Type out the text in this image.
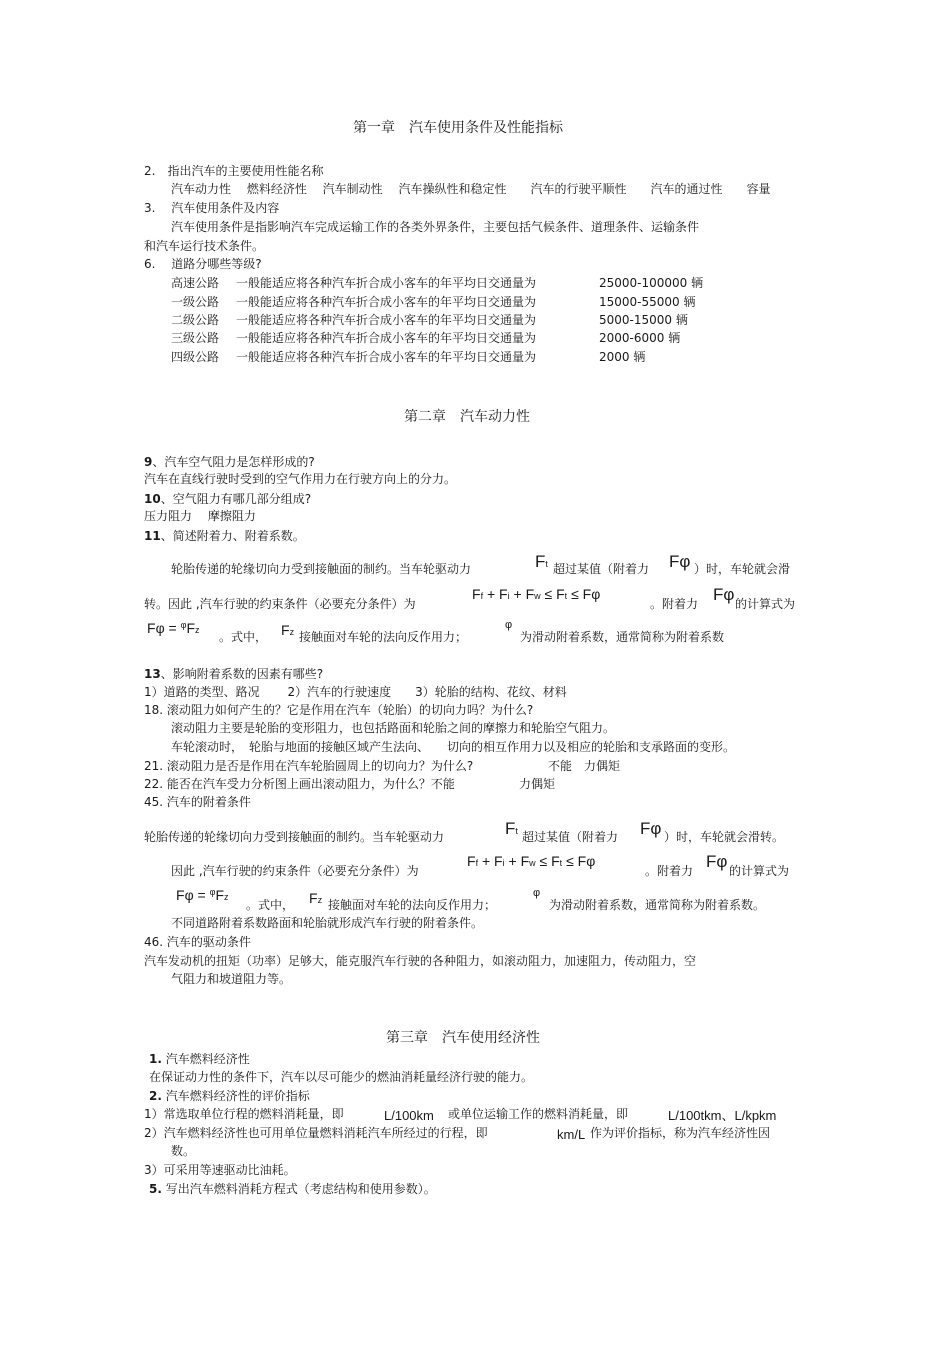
第一章　汽车使用条件及性能指标
2.　指出汽车的主要使用性能名称
汽车动力性　 燃料经济性　 汽车制动性　 汽车操纵性和稳定性　　汽车的行驶平顺性　　汽车的通过性　　容量
3.　 汽车使用条件及内容
汽车使用条件是指影响汽车完成运输工作的各类外界条件，主要包括气候条件、道理条件、运输条件
和汽车运行技术条件。
6.　 道路分哪些等级?
高速公路 一般能适应将各种汽车折合成小客车的年平均日交通量为	25000-100000 辆
一级公路 一般能适应将各种汽车折合成小客车的年平均日交通量为	15000-55000 辆
二级公路 一般能适应将各种汽车折合成小客车的年平均日交通量为	5000-15000 辆
三级公路 一般能适应将各种汽车折合成小客车的年平均日交通量为	2000-6000 辆
四级公路 一般能适应将各种汽车折合成小客车的年平均日交通量为	2000 辆
第二章　汽车动力性
9、汽车空气阻力是怎样形成的?
汽车在直线行驶时受到的空气作用力在行驶方向上的分力。
10、空气阻力有哪几部分组成?
压力阻力　 摩擦阻力
11、简述附着力、附着系数。
轮胎传递的轮缘切向力受到接触面的制约。当车轮驱动力	Ft 超过某值（附着力 Fφ ）时，车轮就会滑
转。因此 ,汽车行驶的约束条件（必要充分条件）为
Ff + Fi + Fw ≤ Ft ≤ Fφ
。附着力 Fφ 的计算式为
Fφ = $^\varphi$Fz 。式中， Fz 接触面对车轮的法向反作用力；
φ
为滑动附着系数，通常简称为附着系数
13、影响附着系数的因素有哪些?
1）道路的类型、路况　　 2）汽车的行驶速度　　3）轮胎的结构、花纹、材料
18. 滚动阻力如何产生的？它是作用在汽车（轮胎）的切向力吗？为什么?
滚动阻力主要是轮胎的变形阻力，也包括路面和轮胎之间的摩擦力和轮胎空气阻力。
车轮滚动时，　轮胎与地面的接触区域产生法向、　　切向的相互作用力以及相应的轮胎和支承路面的变形。
21. 滚动阻力是否是作用在汽车轮胎圆周上的切向力？为什么?	不能　力偶矩
22. 能否在汽车受力分析图上画出滚动阻力，为什么？不能	力偶矩
45. 汽车的附着条件
轮胎传递的轮缘切向力受到接触面的制约。当车轮驱动力	Ft 超过某值（附着力 Fφ ）时，车轮就会滑转。
因此 ,汽车行驶的约束条件（必要充分条件）为
Ff + Fi + Fw ≤ Ft ≤ Fφ
。附着力 Fφ 的计算式为
Fφ = $^\varphi$Fz
。式中， Fz 接触面对车轮的法向反作用力；
φ
为滑动附着系数，通常简称为附着系数。
不同道路附着系数路面和轮胎就形成汽车行驶的附着条件。
46. 汽车的驱动条件
汽车发动机的扭矩（功率）足够大，能克服汽车行驶的各种阻力，如滚动阻力，加速阻力，传动阻力，空
气阻力和坡道阻力等。
第三章　汽车使用经济性
1. 汽车燃料经济性
在保证动力性的条件下，汽车以尽可能少的燃油消耗量经济行驶的能力。
2. 汽车燃料经济性的评价指标
1）常选取单位行程的燃料消耗量，即	L/100km 或单位运输工作的燃料消耗量，即	L/100tkm、L/kpkm
2）汽车燃料经济性也可用单位量燃料消耗汽车所经过的行程，即	km/L 作为评价指标，称为汽车经济性因
数。
3）可采用等速驱动比油耗。
5. 写出汽车燃料消耗方程式（考虑结构和使用参数）。
